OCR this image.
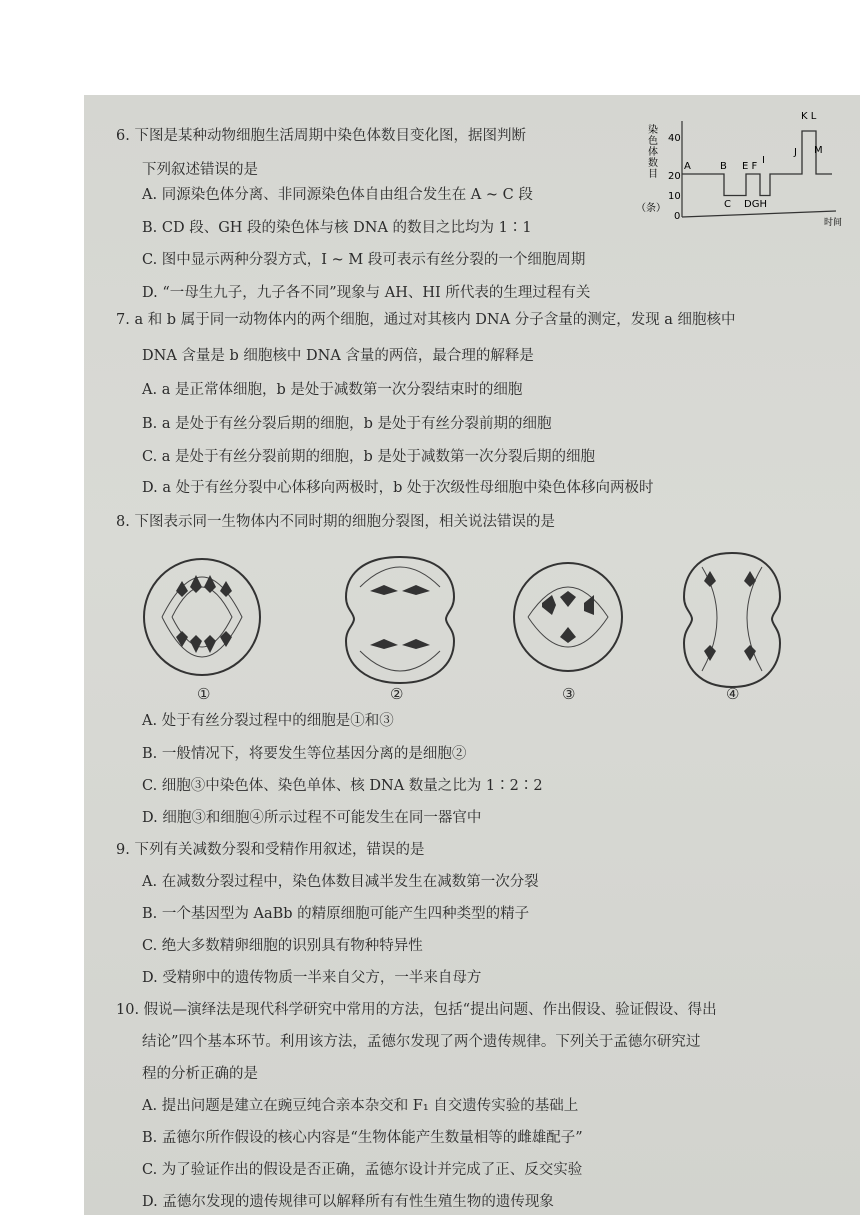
6. 下图是某种动物细胞生活周期中染色体数目变化图，据图判断
下列叙述错误的是
A. 同源染色体分离、非同源染色体自由组合发生在 A ~ C 段
B. CD 段、GH 段的染色体与核 DNA 的数目之比均为 1∶1
C. 图中显示两种分裂方式，I ~ M 段可表示有丝分裂的一个细胞周期
D. “一母生九子，九子各不同”现象与 AH、HI 所代表的生理过程有关
染
色
体
数
目
（条）
40
20
10
0
A	B E F
I
J M
K L
C DGH
时间
7. a 和 b 属于同一动物体内的两个细胞，通过对其核内 DNA 分子含量的测定，发现 a 细胞核中
DNA 含量是 b 细胞核中 DNA 含量的两倍，最合理的解释是
A. a 是正常体细胞，b 是处于减数第一次分裂结束时的细胞
B. a 是处于有丝分裂后期的细胞，b 是处于有丝分裂前期的细胞
C. a 是处于有丝分裂前期的细胞，b 是处于减数第一次分裂后期的细胞
D. a 处于有丝分裂中心体移向两极时，b 处于次级性母细胞中染色体移向两极时
8. 下图表示同一生物体内不同时期的细胞分裂图，相关说法错误的是
①	②	③	④
A. 处于有丝分裂过程中的细胞是①和③
B. 一般情况下，将要发生等位基因分离的是细胞②
C. 细胞③中染色体、染色单体、核 DNA 数量之比为 1∶2∶2
D. 细胞③和细胞④所示过程不可能发生在同一器官中
9. 下列有关减数分裂和受精作用叙述，错误的是
A. 在减数分裂过程中，染色体数目减半发生在减数第一次分裂
B. 一个基因型为 AaBb 的精原细胞可能产生四种类型的精子
C. 绝大多数精卵细胞的识别具有物种特异性
D. 受精卵中的遗传物质一半来自父方，一半来自母方
10. 假说—演绎法是现代科学研究中常用的方法，包括“提出问题、作出假设、验证假设、得出
结论”四个基本环节。利用该方法，孟德尔发现了两个遗传规律。下列关于孟德尔研究过
程的分析正确的是
A. 提出问题是建立在豌豆纯合亲本杂交和 F₁ 自交遗传实验的基础上
B. 孟德尔所作假设的核心内容是“生物体能产生数量相等的雌雄配子”
C. 为了验证作出的假设是否正确，孟德尔设计并完成了正、反交实验
D. 孟德尔发现的遗传规律可以解释所有有性生殖生物的遗传现象
